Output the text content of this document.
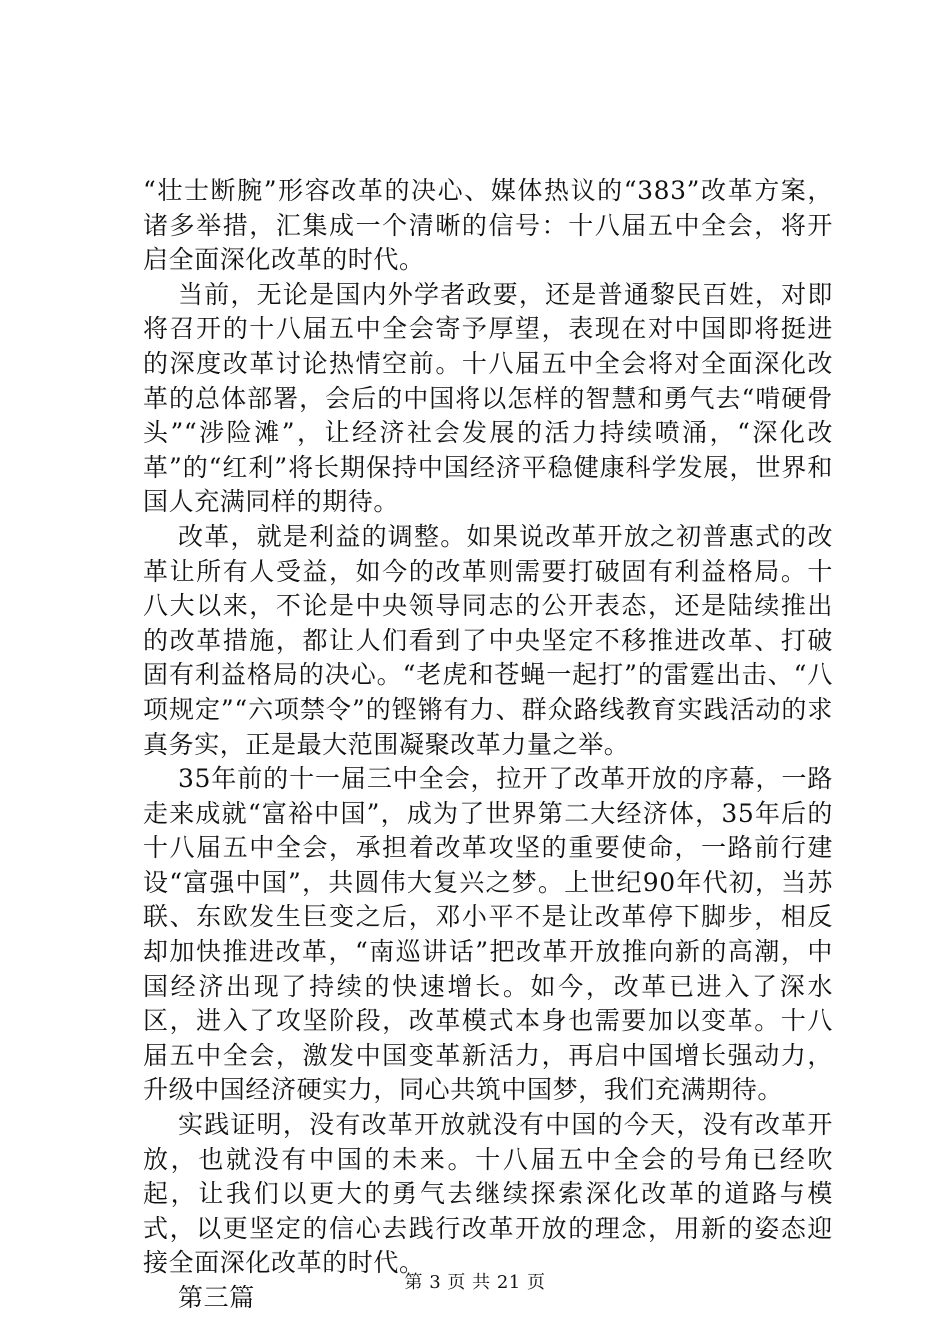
“壮士断腕”形容改革的决心、媒体热议的“383”改革方案，诸多举措，汇集成一个清晰的信号：十八届五中全会，将开启全面深化改革的时代。

当前，无论是国内外学者政要，还是普通黎民百姓，对即将召开的十八届五中全会寄予厚望，表现在对中国即将挺进的深度改革讨论热情空前。十八届五中全会将对全面深化改革的总体部署，会后的中国将以怎样的智慧和勇气去“啃硬骨头”“涉险滩”，让经济社会发展的活力持续喷涌，“深化改革”的“红利”将长期保持中国经济平稳健康科学发展，世界和国人充满同样的期待。

改革，就是利益的调整。如果说改革开放之初普惠式的改革让所有人受益，如今的改革则需要打破固有利益格局。十八大以来，不论是中央领导同志的公开表态，还是陆续推出的改革措施，都让人们看到了中央坚定不移推进改革、打破固有利益格局的决心。“老虎和苍蝇一起打”的雷霆出击、“八项规定”“六项禁令”的铿锵有力、群众路线教育实践活动的求真务实，正是最大范围凝聚改革力量之举。

35年前的十一届三中全会，拉开了改革开放的序幕，一路走来成就“富裕中国”，成为了世界第二大经济体，35年后的十八届五中全会，承担着改革攻坚的重要使命，一路前行建设“富强中国”，共圆伟大复兴之梦。上世纪90年代初，当苏联、东欧发生巨变之后，邓小平不是让改革停下脚步，相反却加快推进改革，“南巡讲话”把改革开放推向新的高潮，中国经济出现了持续的快速增长。如今，改革已进入了深水区，进入了攻坚阶段，改革模式本身也需要加以变革。十八届五中全会，激发中国变革新活力，再启中国增长强动力，升级中国经济硬实力，同心共筑中国梦，我们充满期待。

实践证明，没有改革开放就没有中国的今天，没有改革开放，也就没有中国的未来。十八届五中全会的号角已经吹起，让我们以更大的勇气去继续探索深化改革的道路与模式，以更坚定的信心去践行改革开放的理念，用新的姿态迎接全面深化改革的时代。

第三篇

第 3 页 共 21 页
